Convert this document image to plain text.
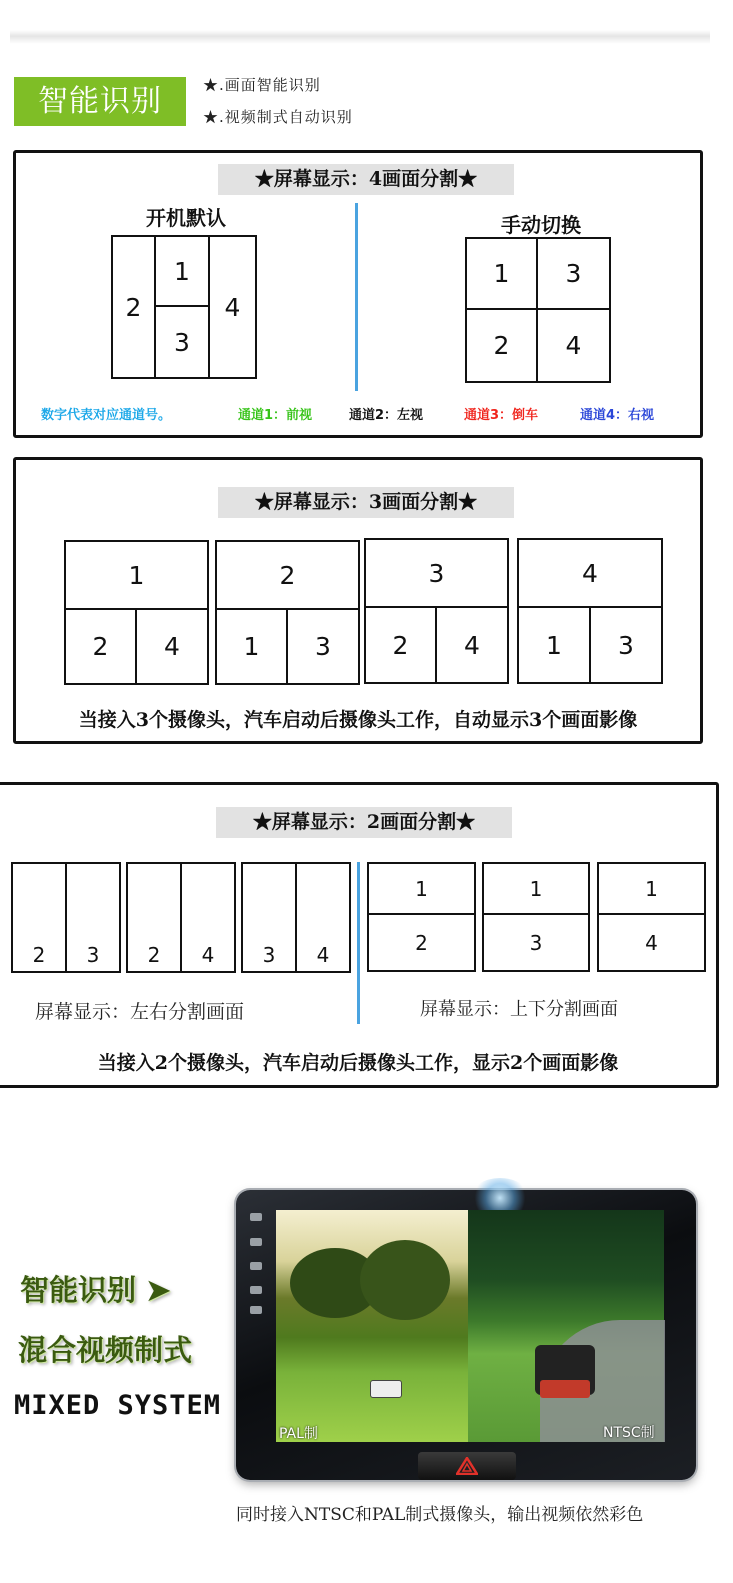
智能识别	★.画面智能识别
★.视频制式自动识别
★屏幕显示：4画面分割★
开机默认	手动切换
2
1
3
4
1 3
2 4
数字代表对应通道号。	通道1：前视	通道2：左视	通道3：倒车	通道4：右视
★屏幕显示：3画面分割★
1
2 4
2
1 3
3
2 4
4
1 3
当接入3个摄像头，汽车启动后摄像头工作，自动显示3个画面影像
★屏幕显示：2画面分割★
2 3 2 4 3 4
1
2
1
3
1
4
屏幕显示：左右分割画面	屏幕显示：上下分割画面
当接入2个摄像头，汽车启动后摄像头工作，显示2个画面影像
智能识别 ➤
混合视频制式
MIXED SYSTEM
PAL制	NTSC制
同时接入NTSC和PAL制式摄像头，输出视频依然彩色
